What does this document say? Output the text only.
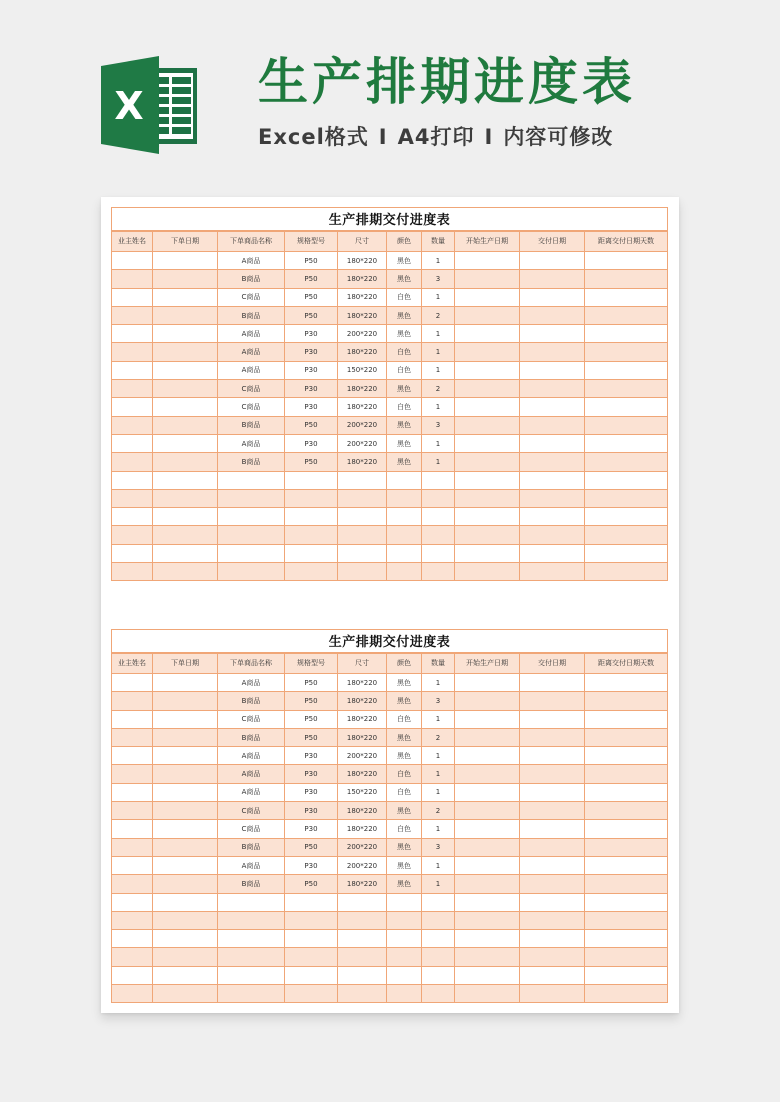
X 生产排期进度表
Excel格式 I A4打印 I 内容可修改
生产排期交付进度表									
业主姓名	下单日期	下单商品名称	规格型号	尺寸	颜色	数量	开始生产日期	交付日期	距离交付日期天数
		A商品	P50	180*220	黑色	1			
		B商品	P50	180*220	黑色	3			
		C商品	P50	180*220	白色	1			
		B商品	P50	180*220	黑色	2			
		A商品	P30	200*220	黑色	1			
		A商品	P30	180*220	白色	1			
		A商品	P30	150*220	白色	1			
		C商品	P30	180*220	黑色	2			
		C商品	P30	180*220	白色	1			
		B商品	P50	200*220	黑色	3			
		A商品	P30	200*220	黑色	1			
		B商品	P50	180*220	黑色	1			

生产排期交付进度表									
业主姓名	下单日期	下单商品名称	规格型号	尺寸	颜色	数量	开始生产日期	交付日期	距离交付日期天数
		A商品	P50	180*220	黑色	1			
		B商品	P50	180*220	黑色	3			
		C商品	P50	180*220	白色	1			
		B商品	P50	180*220	黑色	2			
		A商品	P30	200*220	黑色	1			
		A商品	P30	180*220	白色	1			
		A商品	P30	150*220	白色	1			
		C商品	P30	180*220	黑色	2			
		C商品	P30	180*220	白色	1			
		B商品	P50	200*220	黑色	3			
		A商品	P30	200*220	黑色	1			
		B商品	P50	180*220	黑色	1			
